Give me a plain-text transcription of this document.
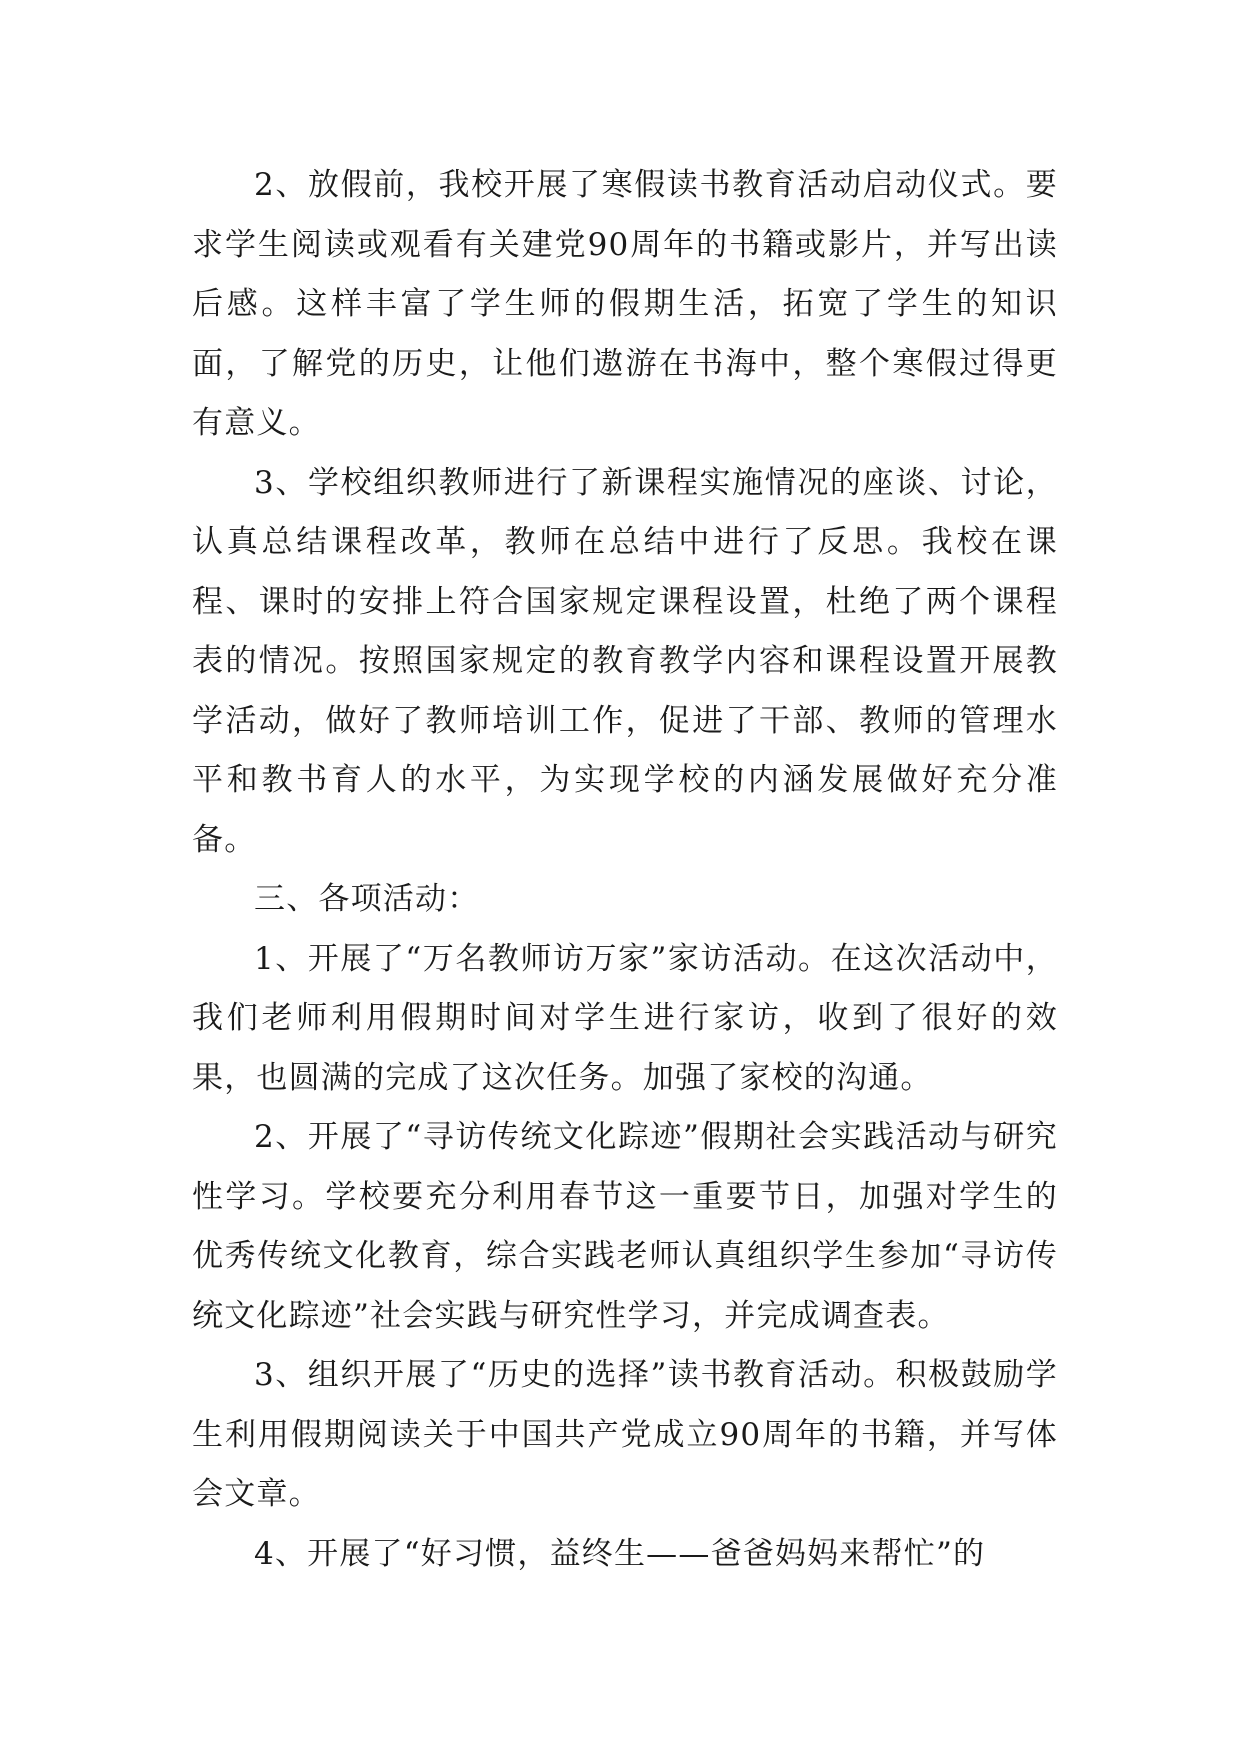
2、放假前，我校开展了寒假读书教育活动启动仪式。要求学生阅读或观看有关建党90周年的书籍或影片，并写出读后感。这样丰富了学生师的假期生活，拓宽了学生的知识面，了解党的历史，让他们遨游在书海中，整个寒假过得更有意义。

3、学校组织教师进行了新课程实施情况的座谈、讨论，认真总结课程改革，教师在总结中进行了反思。我校在课程、课时的安排上符合国家规定课程设置，杜绝了两个课程表的情况。按照国家规定的教育教学内容和课程设置开展教学活动，做好了教师培训工作，促进了干部、教师的管理水平和教书育人的水平，为实现学校的内涵发展做好充分准备。

三、各项活动：

1、开展了“万名教师访万家”家访活动。在这次活动中，我们老师利用假期时间对学生进行家访，收到了很好的效果，也圆满的完成了这次任务。加强了家校的沟通。

2、开展了“寻访传统文化踪迹”假期社会实践活动与研究性学习。学校要充分利用春节这一重要节日，加强对学生的优秀传统文化教育，综合实践老师认真组织学生参加“寻访传统文化踪迹”社会实践与研究性学习，并完成调查表。

3、组织开展了“历史的选择”读书教育活动。积极鼓励学生利用假期阅读关于中国共产党成立90周年的书籍，并写体会文章。

4、开展了“好习惯，益终生——爸爸妈妈来帮忙”的
